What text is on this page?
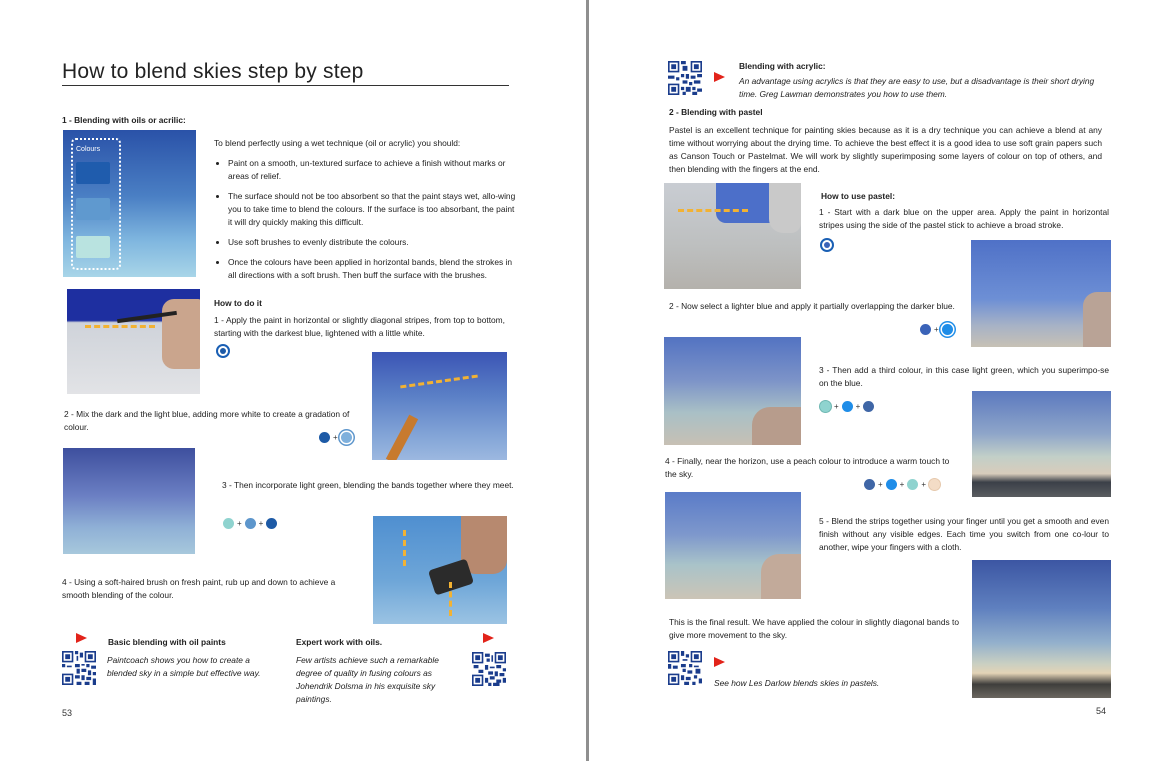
How to blend skies step by step
1 - Blending with oils or acrilic:
Colours
To blend perfectly using a wet technique (oil or acrylic) you should:
• Paint on a smooth, un-textured surface to achieve a finish without marks or areas of relief.
• The surface should not be too absorbent so that the paint stays wet, allo-wing you to take time to blend the colours. If the surface is too absorbant, the paint it will dry quickly making this difficult.
• Use soft brushes to evenly distribute the colours.
• Once the colours have been applied in horizontal bands, blend the strokes in all directions with a soft brush. Then buff the surface with the brushes.
How to do it
1 - Apply the paint in horizontal or slightly diagonal stripes, from top to bottom, starting with the darkest blue, lightened with a little white.
2 - Mix the dark and the light blue, adding more white to create a gradation of colour.
+
3 - Then incorporate light green, blending the bands together where they meet.
+ +
4 - Using a soft-haired brush on fresh paint, rub up and down to achieve a smooth blending of the colour.
Basic blending with oil paints
Paintcoach shows you how to create a blended sky in a simple but effective way.
Expert work with oils.
Few artists achieve such a remarkable degree of quality in fusing colours as Johendrik Dolsma in his exquisite sky paintings.
53
Blending with acrylic:
An advantage using acrylics is that they are easy to use, but a disadvantage is their short drying time. Greg Lawman demonstrates you how to use them.
2 - Blending with pastel
Pastel is an excellent technique for painting skies because as it is a dry technique you can achieve a blend at any time without worrying about the drying time. To achieve the best effect it is a good idea to use soft grain papers such as Canson Touch or Pastelmat. We will work by slightly superimposing some layers of colour on top of others, and then blending with the fingers at the end.
How to use pastel:
1 - Start with a dark blue on the upper area. Apply the paint in horizontal stripes using the side of the pastel stick to achieve a broad stroke.
2 - Now select a lighter blue and apply it partially overlapping the darker blue.
+
3 - Then add a third colour, in this case light green, which you superimpo-se on the blue.
+ +
4 - Finally, near the horizon, use a peach colour to introduce a warm touch to the sky.
+ + +
5 - Blend the strips together using your finger until you get a smooth and even finish without any visible edges. Each time you switch from one co-lour to another, wipe your fingers with a cloth.
This is the final result. We have applied the colour in slightly diagonal bands to give more movement to the sky.
See how Les Darlow blends skies in pastels.
54
